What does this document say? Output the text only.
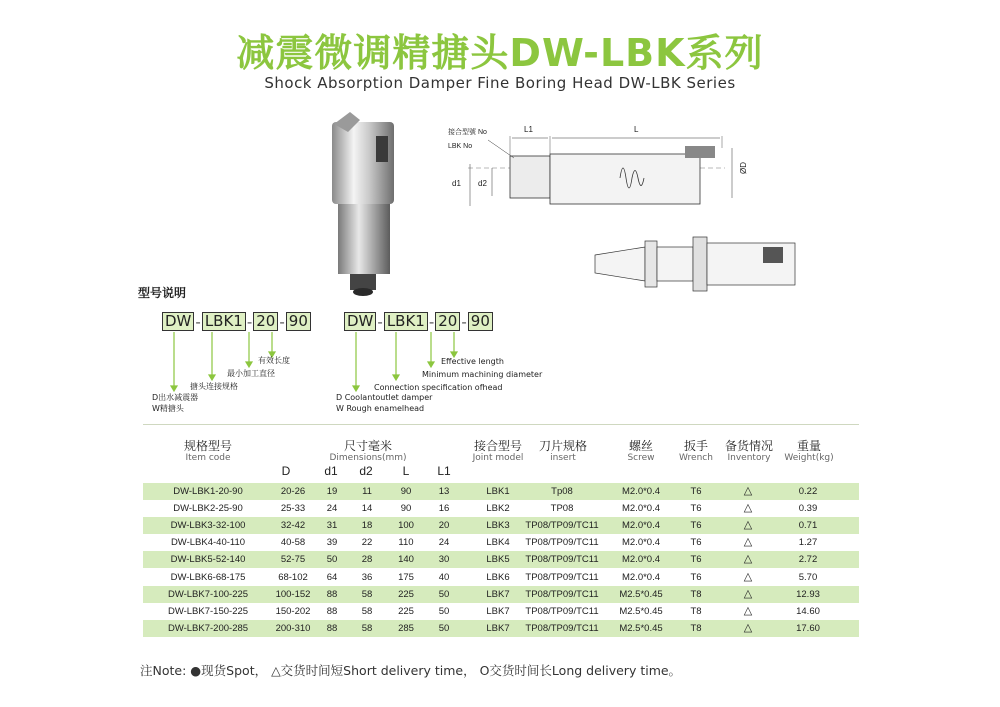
减震微调精搪头DW-LBK系列
Shock Absorption Damper Fine Boring Head DW-LBK Series
接合型號 No
LBK No
L1	L
d1 d2
ØD
型号说明
DW - LBK1 - 20 - 90
有效长度
最小加工直径
搪头连接规格
D出水减震器
W精搪头
DW - LBK1 - 20 - 90
Effective length
Minimum machining diameter
Connection specification ofhead
D Coolantoutlet damper
W Rough enamelhead
规格型号
Item code
尺寸毫米
Dimensions(mm)
接合型号
Joint model
刀片规格
insert
螺丝
Screw
扳手
Wrench
备货情况
Inventory
重量
Weight(kg)
D	d1	d2	L	L1
DW-LBK1-20-90	20-26	19	11	90	13	LBK1	Tp08	M2.0*0.4	T6	△	0.22
DW-LBK2-25-90	25-33	24	14	90	16	LBK2	TP08	M2.0*0.4	T6	△	0.39
DW-LBK3-32-100	32-42	31	18	100	20	LBK3	TP08/TP09/TC11	M2.0*0.4	T6	△	0.71
DW-LBK4-40-110	40-58	39	22	110	24	LBK4	TP08/TP09/TC11	M2.0*0.4	T6	△	1.27
DW-LBK5-52-140	52-75	50	28	140	30	LBK5	TP08/TP09/TC11	M2.0*0.4	T6	△	2.72
DW-LBK6-68-175	68-102	64	36	175	40	LBK6	TP08/TP09/TC11	M2.0*0.4	T6	△	5.70
DW-LBK7-100-225	100-152	88	58	225	50	LBK7	TP08/TP09/TC11	M2.5*0.45	T8	△	12.93
DW-LBK7-150-225	150-202	88	58	225	50	LBK7	TP08/TP09/TC11	M2.5*0.45	T8	△	14.60
DW-LBK7-200-285	200-310	88	58	285	50	LBK7	TP08/TP09/TC11	M2.5*0.45	T8	△	17.60
注Note: ●现货Spot， △交货时间短Short delivery time， O交货时间长Long delivery time。
